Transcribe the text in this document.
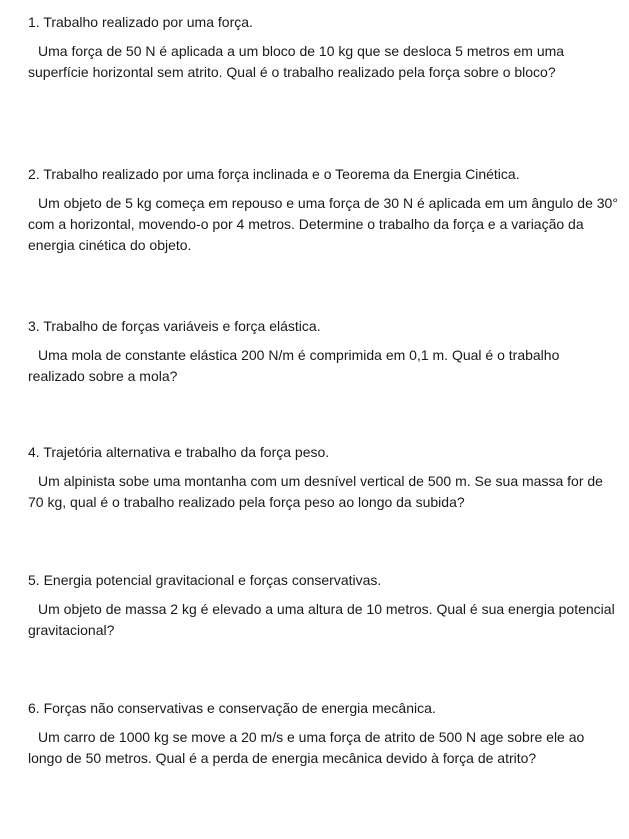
1. Trabalho realizado por uma força.

Uma força de 50 N é aplicada a um bloco de 10 kg que se desloca 5 metros em uma superfície horizontal sem atrito. Qual é o trabalho realizado pela força sobre o bloco?

2. Trabalho realizado por uma força inclinada e o Teorema da Energia Cinética.

Um objeto de 5 kg começa em repouso e uma força de 30 N é aplicada em um ângulo de 30° com a horizontal, movendo-o por 4 metros. Determine o trabalho da força e a variação da energia cinética do objeto.

3. Trabalho de forças variáveis e força elástica.

Uma mola de constante elástica 200 N/m é comprimida em 0,1 m. Qual é o trabalho realizado sobre a mola?

4. Trajetória alternativa e trabalho da força peso.

Um alpinista sobe uma montanha com um desnível vertical de 500 m. Se sua massa for de 70 kg, qual é o trabalho realizado pela força peso ao longo da subida?

5. Energia potencial gravitacional e forças conservativas.

Um objeto de massa 2 kg é elevado a uma altura de 10 metros. Qual é sua energia potencial gravitacional?

6. Forças não conservativas e conservação de energia mecânica.

Um carro de 1000 kg se move a 20 m/s e uma força de atrito de 500 N age sobre ele ao longo de 50 metros. Qual é a perda de energia mecânica devido à força de atrito?
